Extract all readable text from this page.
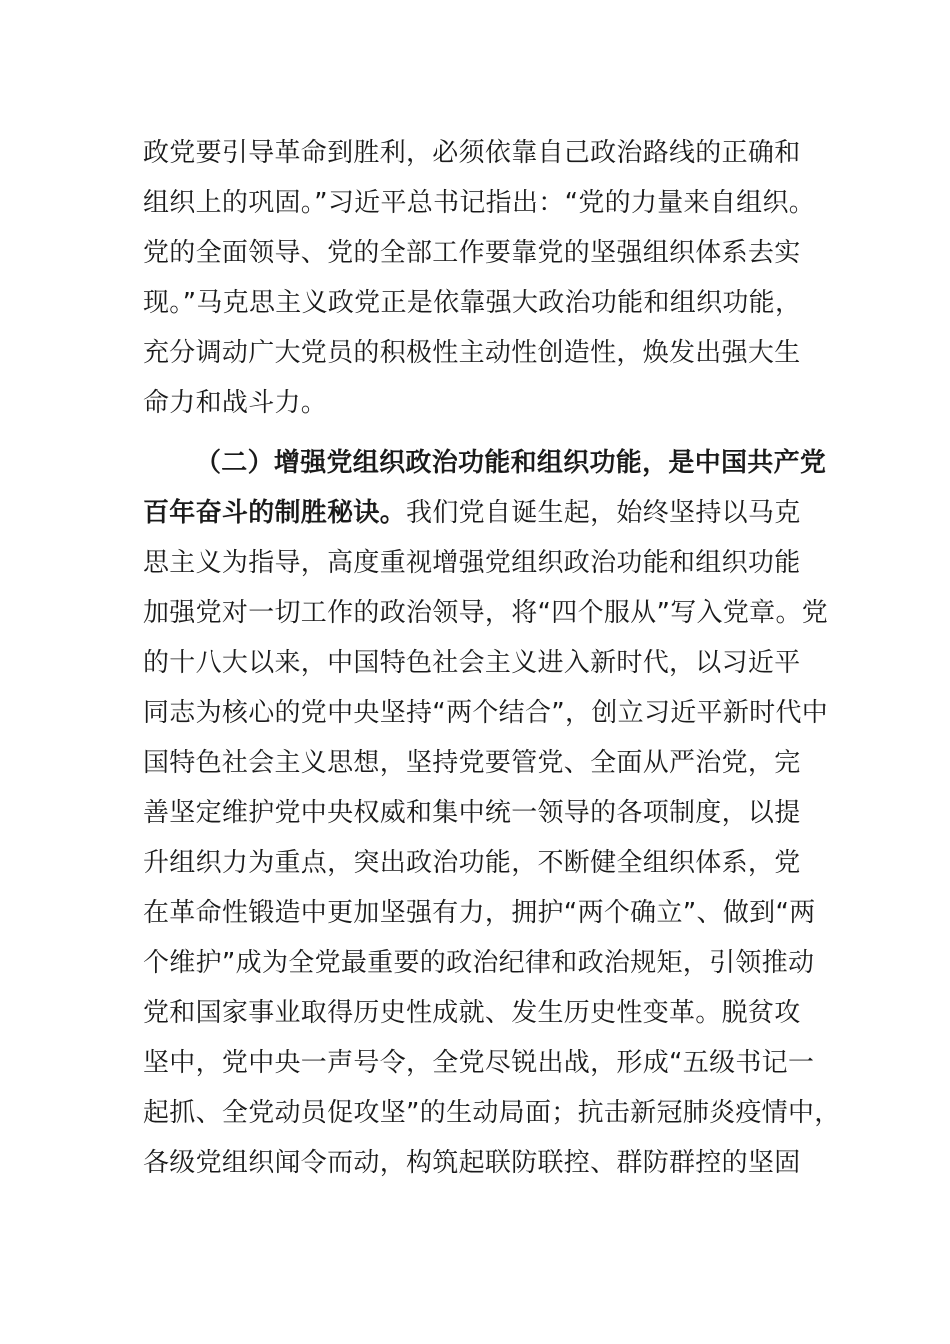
政党要引导革命到胜利，必须依靠自己政治路线的正确和
组织上的巩固。”习近平总书记指出：“党的力量来自组织。
党的全面领导、党的全部工作要靠党的坚强组织体系去实
现。”马克思主义政党正是依靠强大政治功能和组织功能，
充分调动广大党员的积极性主动性创造性，焕发出强大生
命力和战斗力。
（二）增强党组织政治功能和组织功能，是中国共产党
百年奋斗的制胜秘诀。我们党自诞生起，始终坚持以马克
思主义为指导，高度重视增强党组织政治功能和组织功能
加强党对一切工作的政治领导，将“四个服从”写入党章。党
的十八大以来，中国特色社会主义进入新时代，以习近平
同志为核心的党中央坚持“两个结合”，创立习近平新时代中
国特色社会主义思想，坚持党要管党、全面从严治党，完
善坚定维护党中央权威和集中统一领导的各项制度，以提
升组织力为重点，突出政治功能，不断健全组织体系，党
在革命性锻造中更加坚强有力，拥护“两个确立”、做到“两
个维护”成为全党最重要的政治纪律和政治规矩，引领推动
党和国家事业取得历史性成就、发生历史性变革。脱贫攻
坚中，党中央一声号令，全党尽锐出战，形成“五级书记一
起抓、全党动员促攻坚”的生动局面；抗击新冠肺炎疫情中，
各级党组织闻令而动，构筑起联防联控、群防群控的坚固
